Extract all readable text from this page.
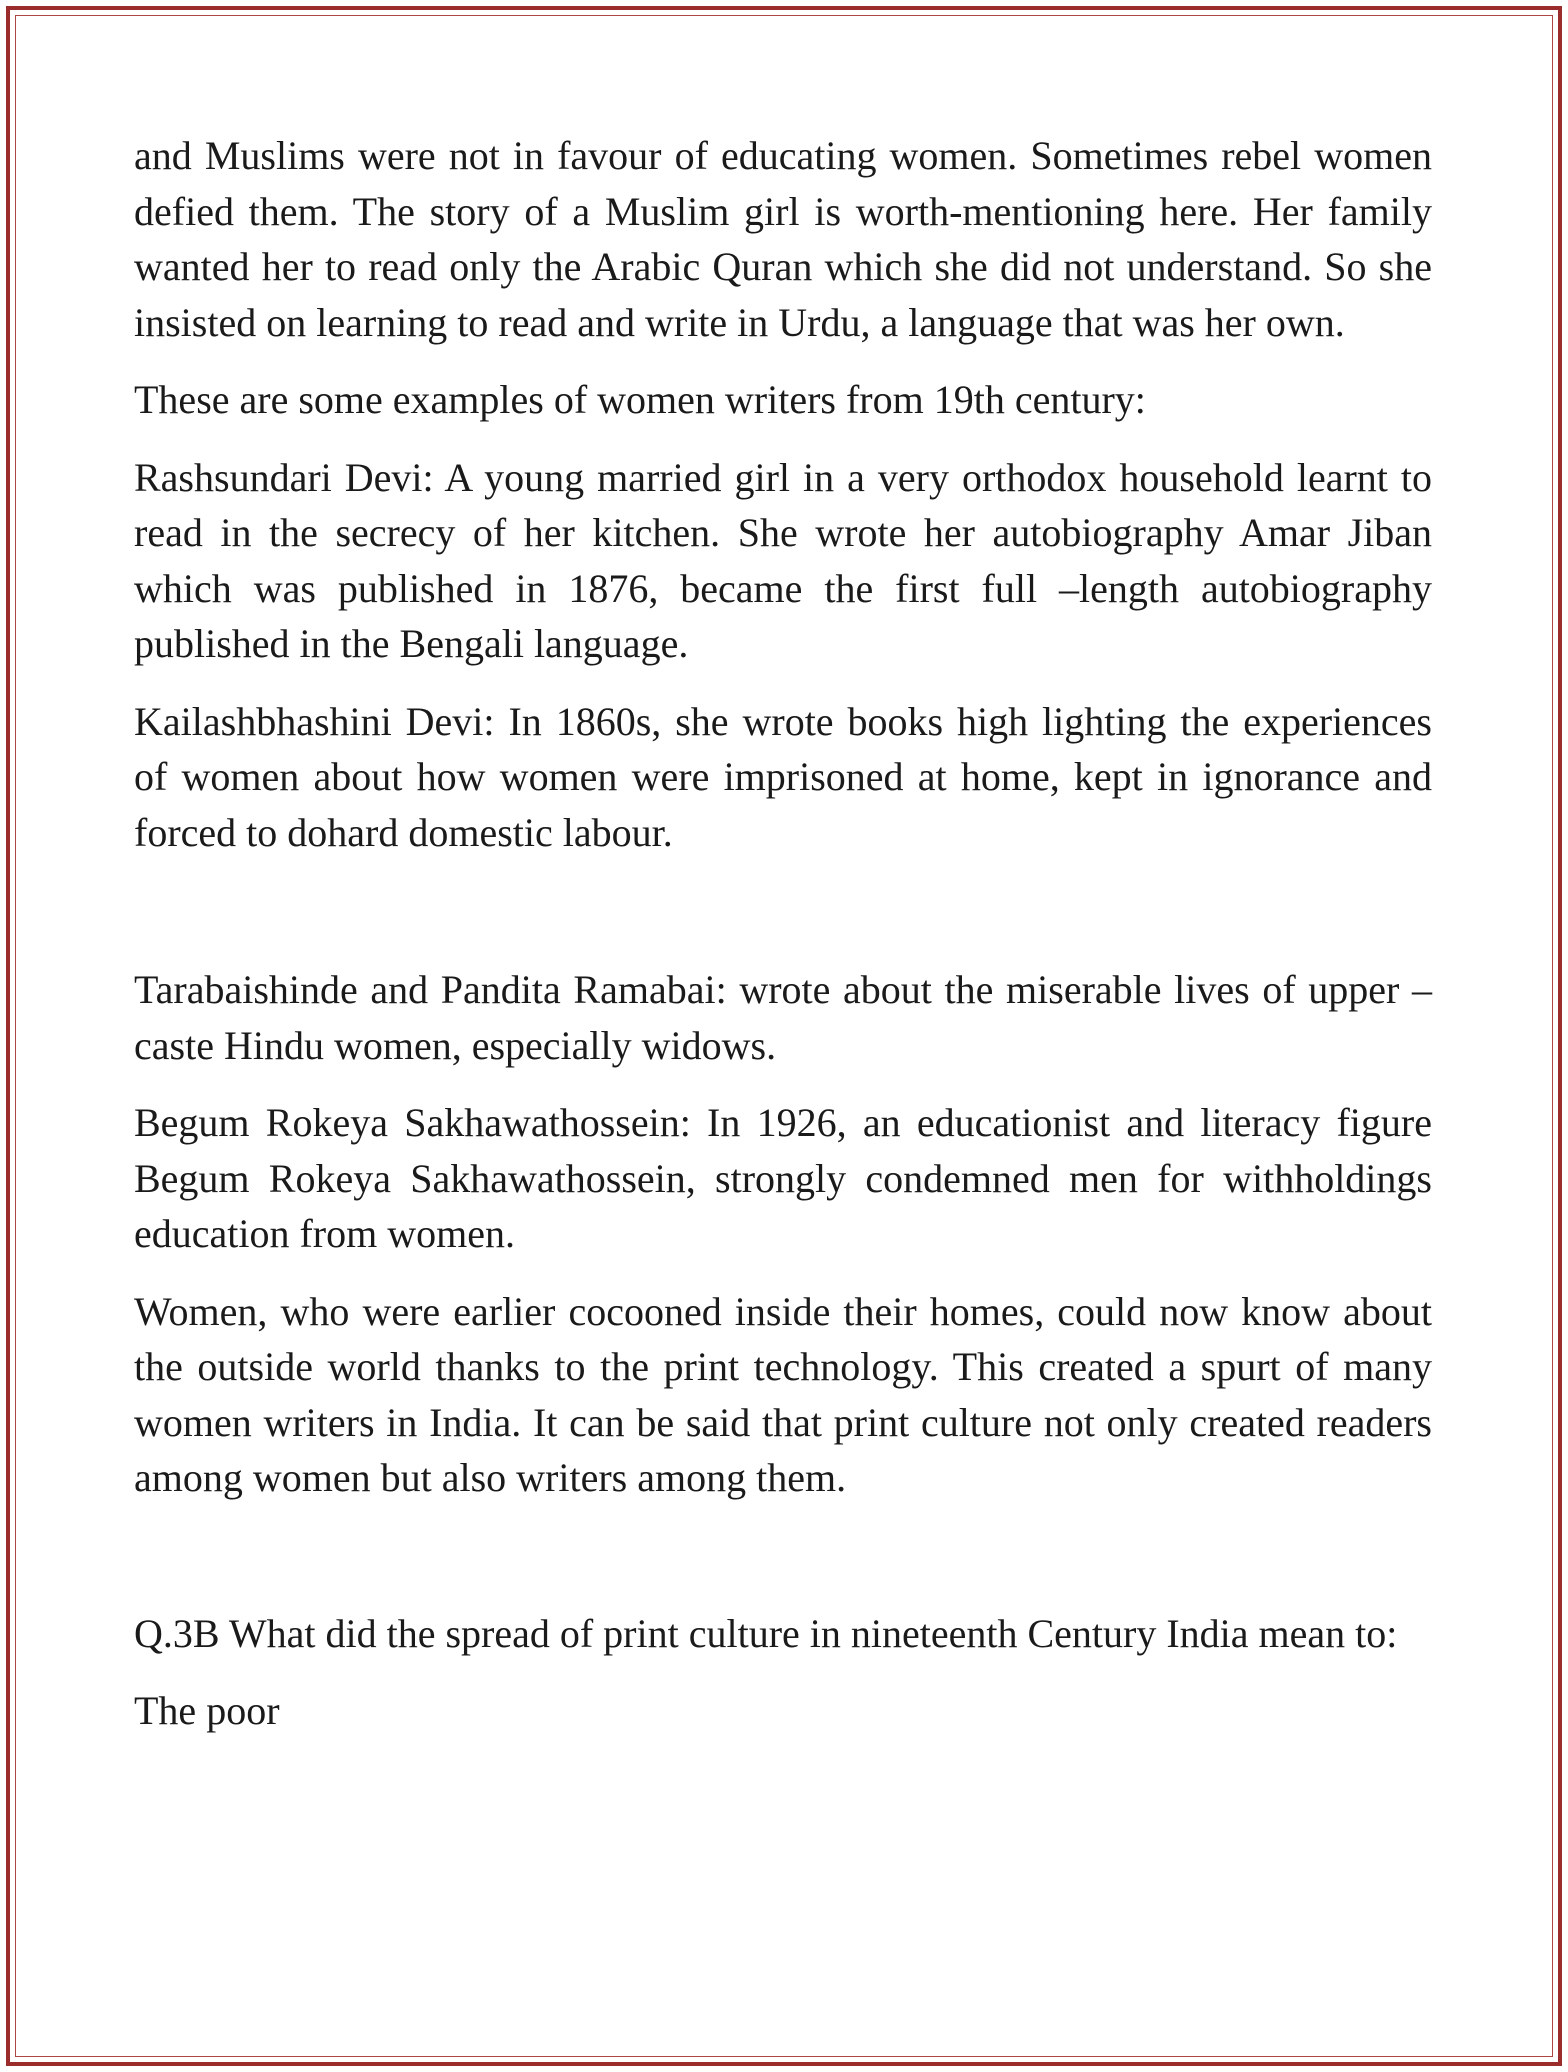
and Muslims were not in favour of educating women. Sometimes rebel women defied them. The story of a Muslim girl is worth-mentioning here. Her family wanted her to read only the Arabic Quran which she did not understand. So she insisted on learning to read and write in Urdu, a language that was her own.

These are some examples of women writers from 19th century:

Rashsundari Devi: A young married girl in a very orthodox household learnt to read in the secrecy of her kitchen. She wrote her autobiography Amar Jiban which was published in 1876, became the first full –length autobiography published in the Bengali language.

Kailashbhashini Devi: In 1860s, she wrote books high lighting the experiences of women about how women were imprisoned at home, kept in ignorance and forced to dohard domestic labour.

Tarabaishinde and Pandita Ramabai: wrote about the miserable lives of upper – caste Hindu women, especially widows.

Begum Rokeya Sakhawathossein: In 1926, an educationist and literacy figure Begum Rokeya Sakhawathossein, strongly condemned men for withholdings education from women.

Women, who were earlier cocooned inside their homes, could now know about the outside world thanks to the print technology. This created a spurt of many women writers in India. It can be said that print culture not only created readers among women but also writers among them.

Q.3B What did the spread of print culture in nineteenth Century India mean to:

The poor
